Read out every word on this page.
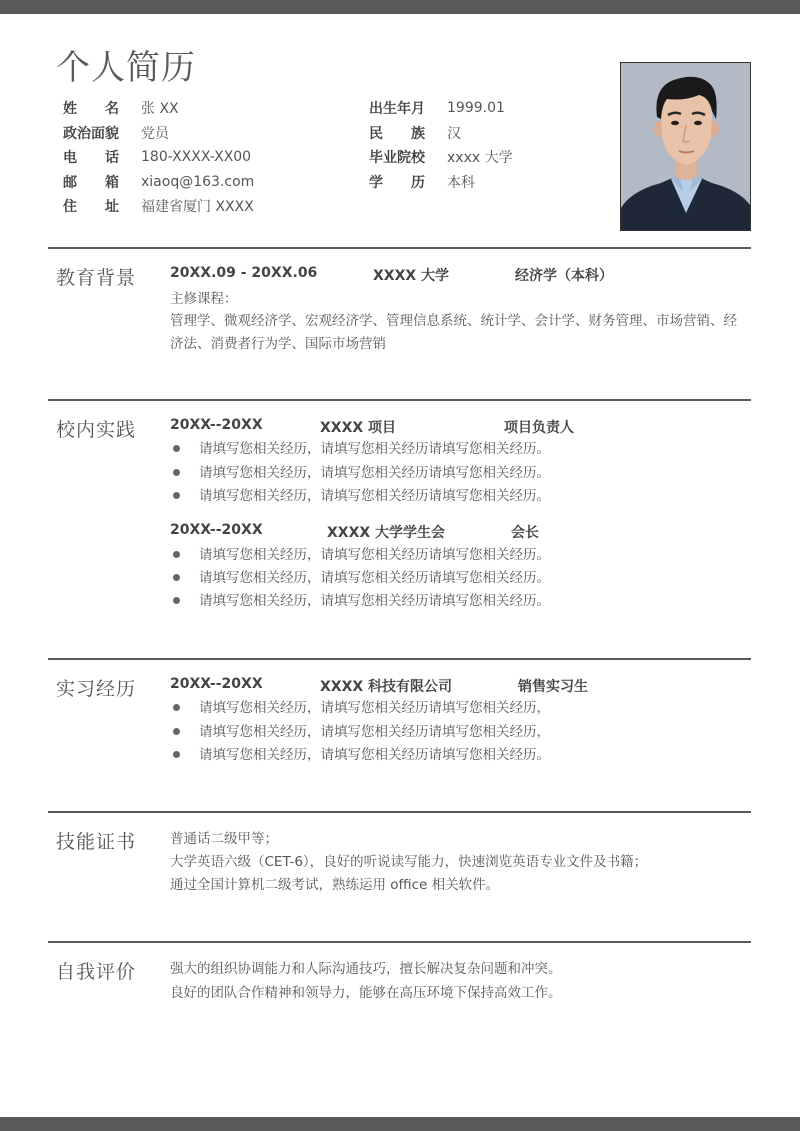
个人简历
姓名 张 XX
政治面貌 党员
电话 180-XXXX-XX00
邮箱 xiaoq@163.com
住址 福建省厦门 XXXX
出生年月 1999.01
民族 汉
毕业院校 xxxx 大学
学历 本科
教育背景 20XX.09 - 20XX.06	XXXX 大学	经济学（本科）
主修课程：
管理学、微观经济学、宏观经济学、管理信息系统、统计学、会计学、财务管理、市场营销、经济法、消费者行为学、国际市场营销
校内实践 20XX--20XX	XXXX 项目	项目负责人
请填写您相关经历，请填写您相关经历请填写您相关经历。
请填写您相关经历，请填写您相关经历请填写您相关经历。
请填写您相关经历，请填写您相关经历请填写您相关经历。
20XX--20XX	XXXX 大学学生会	会长
请填写您相关经历，请填写您相关经历请填写您相关经历。
请填写您相关经历，请填写您相关经历请填写您相关经历。
请填写您相关经历，请填写您相关经历请填写您相关经历。
实习经历 20XX--20XX	XXXX 科技有限公司	销售实习生
请填写您相关经历，请填写您相关经历请填写您相关经历，
请填写您相关经历，请填写您相关经历请填写您相关经历，
请填写您相关经历，请填写您相关经历请填写您相关经历。
技能证书	普通话二级甲等；
大学英语六级（CET-6），良好的听说读写能力，快速浏览英语专业文件及书籍；
通过全国计算机二级考试，熟练运用 office 相关软件。
自我评价	强大的组织协调能力和人际沟通技巧，擅长解决复杂问题和冲突。
良好的团队合作精神和领导力，能够在高压环境下保持高效工作。
